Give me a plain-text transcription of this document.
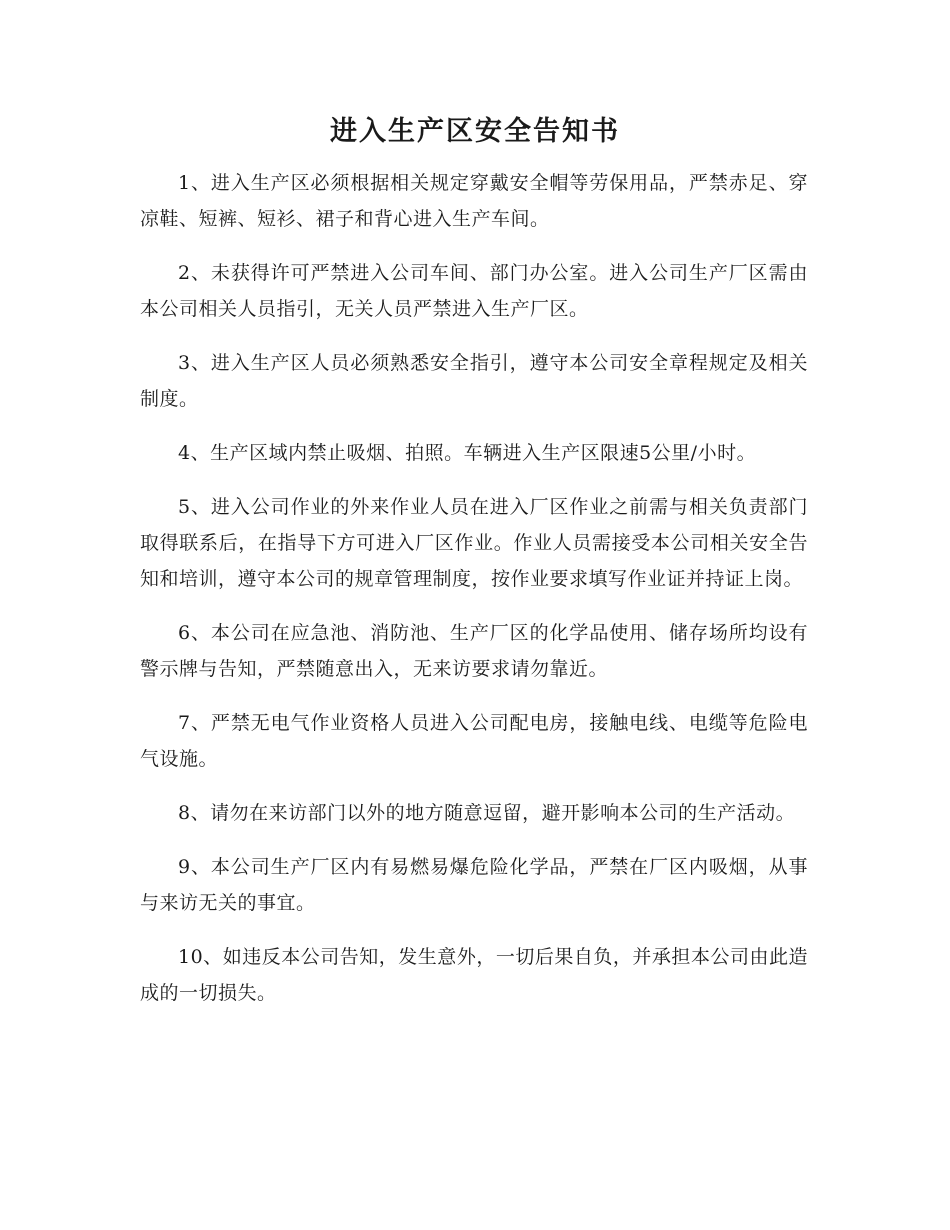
进入生产区安全告知书

1、进入生产区必须根据相关规定穿戴安全帽等劳保用品，严禁赤足、穿凉鞋、短裤、短衫、裙子和背心进入生产车间。

2、未获得许可严禁进入公司车间、部门办公室。进入公司生产厂区需由本公司相关人员指引，无关人员严禁进入生产厂区。

3、进入生产区人员必须熟悉安全指引，遵守本公司安全章程规定及相关制度。

4、生产区域内禁止吸烟、拍照。车辆进入生产区限速5公里/小时。

5、进入公司作业的外来作业人员在进入厂区作业之前需与相关负责部门取得联系后，在指导下方可进入厂区作业。作业人员需接受本公司相关安全告知和培训，遵守本公司的规章管理制度，按作业要求填写作业证并持证上岗。

6、本公司在应急池、消防池、生产厂区的化学品使用、储存场所均设有警示牌与告知，严禁随意出入，无来访要求请勿靠近。

7、严禁无电气作业资格人员进入公司配电房，接触电线、电缆等危险电气设施。

8、请勿在来访部门以外的地方随意逗留，避开影响本公司的生产活动。

9、本公司生产厂区内有易燃易爆危险化学品，严禁在厂区内吸烟，从事与来访无关的事宜。

10、如违反本公司告知，发生意外，一切后果自负，并承担本公司由此造成的一切损失。
